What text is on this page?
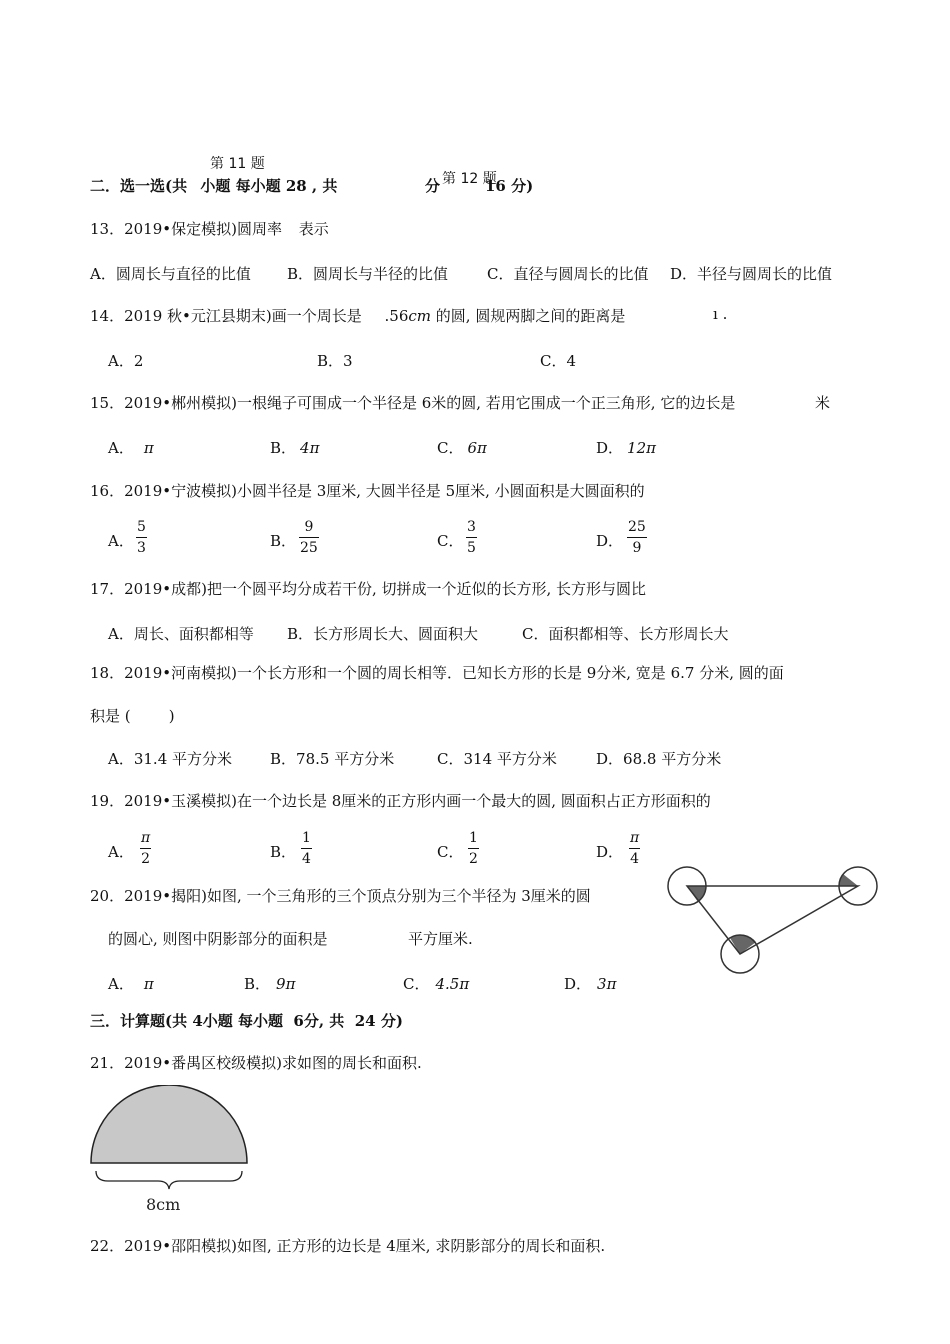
第 11 题
二．选一选(共 小题 每小题 28 , 共	分 第 12 题
16 分)
13．2019•保定模拟)圆周率 表示
A．圆周长与直径的比值 B．圆周长与半径的比值	C．直径与圆周长的比值 D．半径与圆周长的比值
14．2019 秋•元江县期末)画一个周长是 .56cm 的圆, 圆规两脚之间的距离是	ı .
A．2	B．3	C．4
15．2019•郴州模拟)一根绳子可围成一个半径是 6米的圆, 若用它围成一个正三角形, 它的边长是	米
A． π	B． 4π	C． 6π	D． 12π
16．2019•宁波模拟)小圆半径是 3厘米, 大圆半径是 5厘米, 小圆面积是大圆面积的
A．
5
3	B．
9
25	C．
3
5	D．
25
9
17．2019•成都)把一个圆平均分成若干份, 切拼成一个近似的长方形, 长方形与圆比
A．周长、面积都相等 B．长方形周长大、圆面积大	C．面积都相等、长方形周长大
18．2019•河南模拟)一个长方形和一个圆的周长相等．已知长方形的长是 9分米, 宽是 6.7 分米, 圆的面
积是 (        )
A．31.4 平方分米	B．78.5 平方分米	C．314 平方分米	D．68.8 平方分米
19．2019•玉溪模拟)在一个边长是 8厘米的正方形内画一个最大的圆, 圆面积占正方形面积的
A．
π
2	B．
1
4	C．
1
2	D．
π
4
20．2019•揭阳)如图, 一个三角形的三个顶点分别为三个半径为 3厘米的圆
的圆心, 则图中阴影部分的面积是	平方厘米.
A． π	B． 9π	C． 4.5π	D． 3π
三．计算题(共 4小题 每小题  6分, 共  24 分)
21．2019•番禺区校级模拟)求如图的周长和面积.
8cm
22．2019•邵阳模拟)如图, 正方形的边长是 4厘米, 求阴影部分的周长和面积.
